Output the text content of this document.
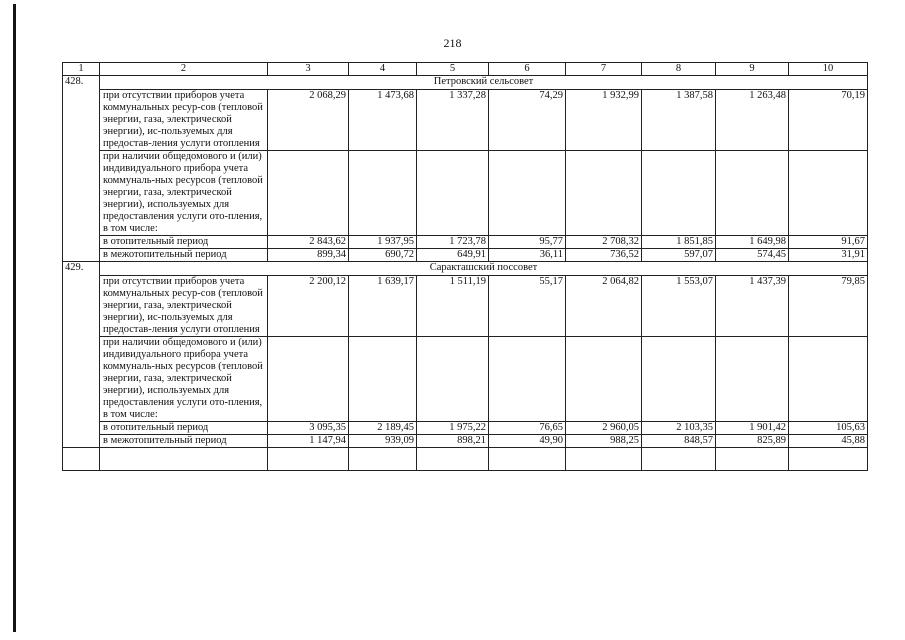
218
1	2	3	4	5	6	7	8	9	10
428.	Петровский сельсовет								
	при отсутствии приборов учета коммунальных ресур-сов (тепловой энергии, газа, электрической энергии), ис-пользуемых для предостав-ления услуги отопления	2 068,29	1 473,68	1 337,28	74,29	1 932,99	1 387,58	1 263,48	70,19
	при наличии общедомового и (или) индивидуального прибора учета коммуналь-ных ресурсов (тепловой энергии, газа, электрической энергии), используемых для предоставления услуги ото-пления, в том числе:								
	в отопительный период	2 843,62	1 937,95	1 723,78	95,77	2 708,32	1 851,85	1 649,98	91,67
	в межотопительный период	899,34	690,72	649,91	36,11	736,52	597,07	574,45	31,91
429.	Саракташский поссовет								
	при отсутствии приборов учета коммунальных ресур-сов (тепловой энергии, газа, электрической энергии), ис-пользуемых для предостав-ления услуги отопления	2 200,12	1 639,17	1 511,19	55,17	2 064,82	1 553,07	1 437,39	79,85
	при наличии общедомового и (или) индивидуального прибора учета коммуналь-ных ресурсов (тепловой энергии, газа, электрической энергии), используемых для предоставления услуги ото-пления, в том числе:								
	в отопительный период	3 095,35	2 189,45	1 975,22	76,65	2 960,05	2 103,35	1 901,42	105,63
	в межотопительный период	1 147,94	939,09	898,21	49,90	988,25	848,57	825,89	45,88
